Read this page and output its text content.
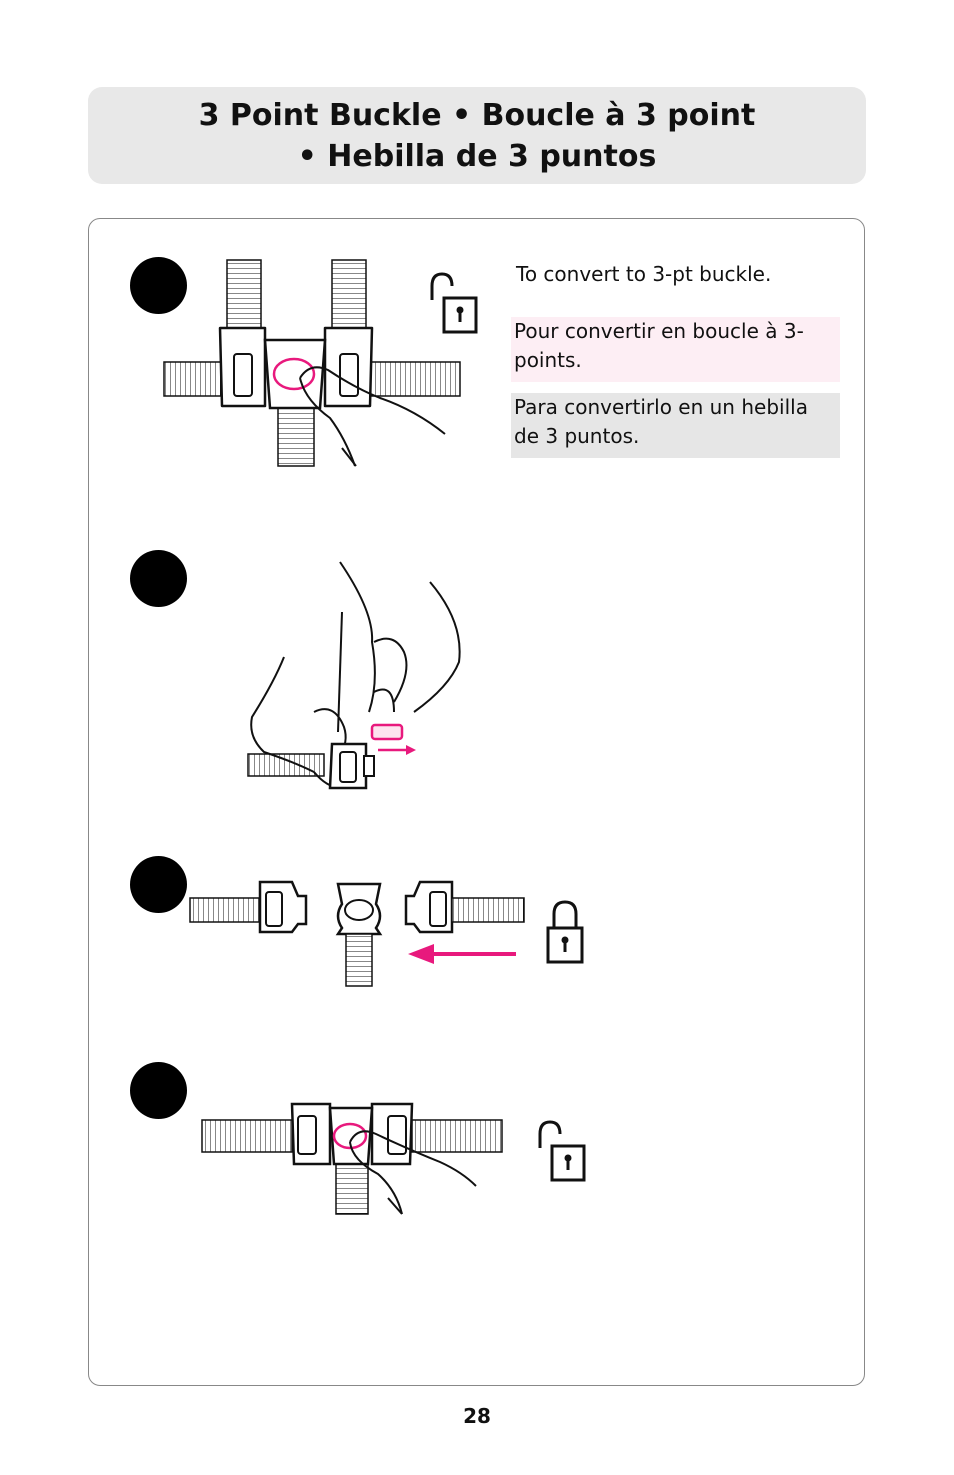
3 Point Buckle • Boucle à 3 point
• Hebilla de 3 puntos
To convert to 3-pt buckle.
Pour convertir en boucle à 3-points.
Para convertirlo en un hebilla de 3 puntos.
28
